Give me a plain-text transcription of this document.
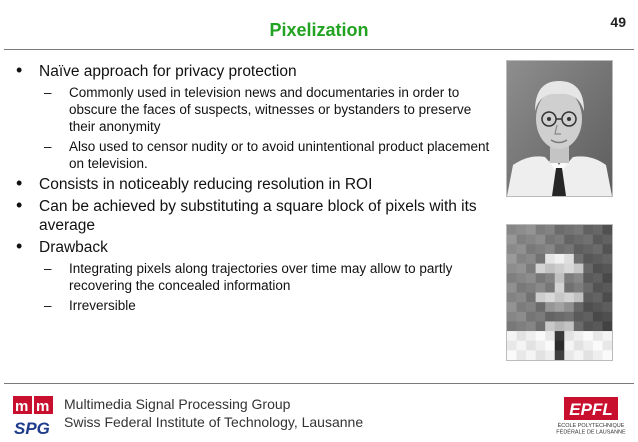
Pixelization	49
• Naïve approach for privacy protection
– Commonly used in television news and documentaries in order to obscure the faces of suspects, witnesses or bystanders to preserve their anonymity
– Also used to censor nudity or to avoid unintentional product placement on television.
• Consists in noticeably reducing resolution in ROI
• Can be achieved by substituting a square block of pixels with its average
• Drawback
– Integrating pixels along trajectories over time may allow to partly recovering the concealed information
– Irreversible
m m
SPG
Multimedia Signal Processing Group
Swiss Federal Institute of Technology, Lausanne
EPFL
ÉCOLE POLYTECHNIQUE
FÉDÉRALE DE LAUSANNE
